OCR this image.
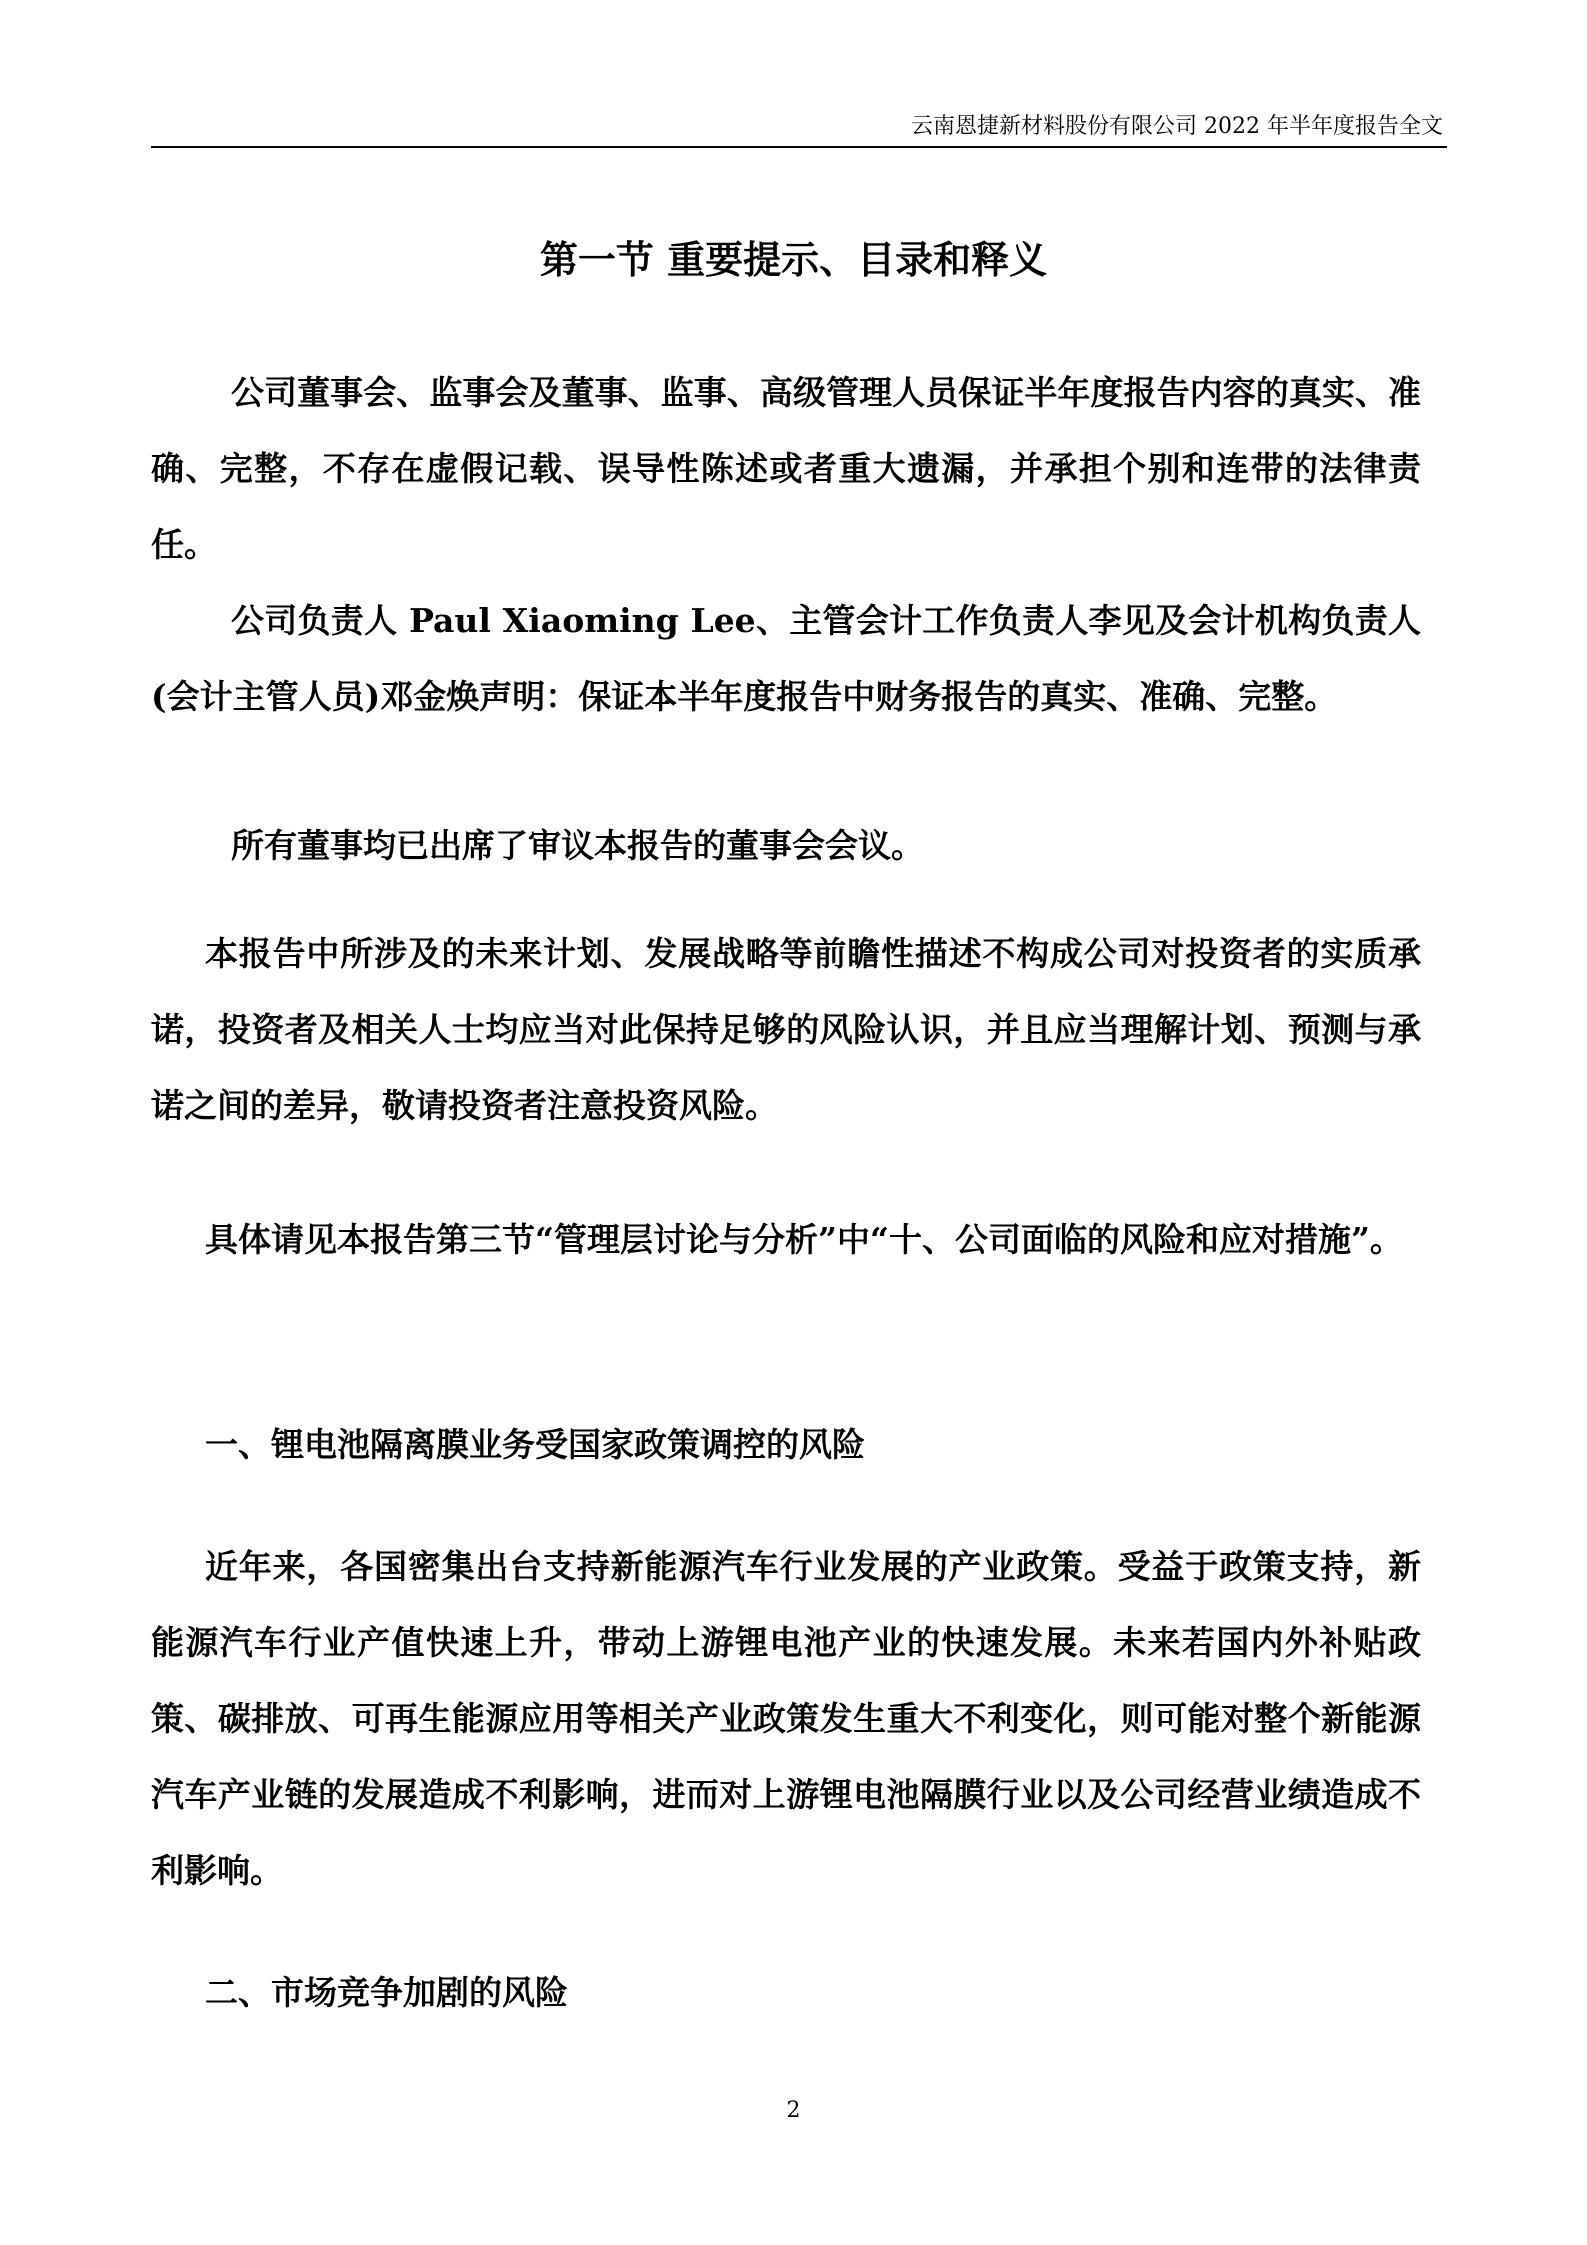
云南恩捷新材料股份有限公司 2022 年半年度报告全文
第一节 重要提示、目录和释义

公司董事会、监事会及董事、监事、高级管理人员保证半年度报告内容的真实、准确、完整，不存在虚假记载、误导性陈述或者重大遗漏，并承担个别和连带的法律责任。

公司负责人 Paul Xiaoming Lee、主管会计工作负责人李见及会计机构负责人(会计主管人员)邓金焕声明：保证本半年度报告中财务报告的真实、准确、完整。

所有董事均已出席了审议本报告的董事会会议。

本报告中所涉及的未来计划、发展战略等前瞻性描述不构成公司对投资者的实质承诺，投资者及相关人士均应当对此保持足够的风险认识，并且应当理解计划、预测与承诺之间的差异，敬请投资者注意投资风险。

具体请见本报告第三节“管理层讨论与分析”中“十、公司面临的风险和应对措施”。

一、锂电池隔离膜业务受国家政策调控的风险

近年来，各国密集出台支持新能源汽车行业发展的产业政策。受益于政策支持，新能源汽车行业产值快速上升，带动上游锂电池产业的快速发展。未来若国内外补贴政策、碳排放、可再生能源应用等相关产业政策发生重大不利变化，则可能对整个新能源汽车产业链的发展造成不利影响，进而对上游锂电池隔膜行业以及公司经营业绩造成不利影响。

二、市场竞争加剧的风险

2
